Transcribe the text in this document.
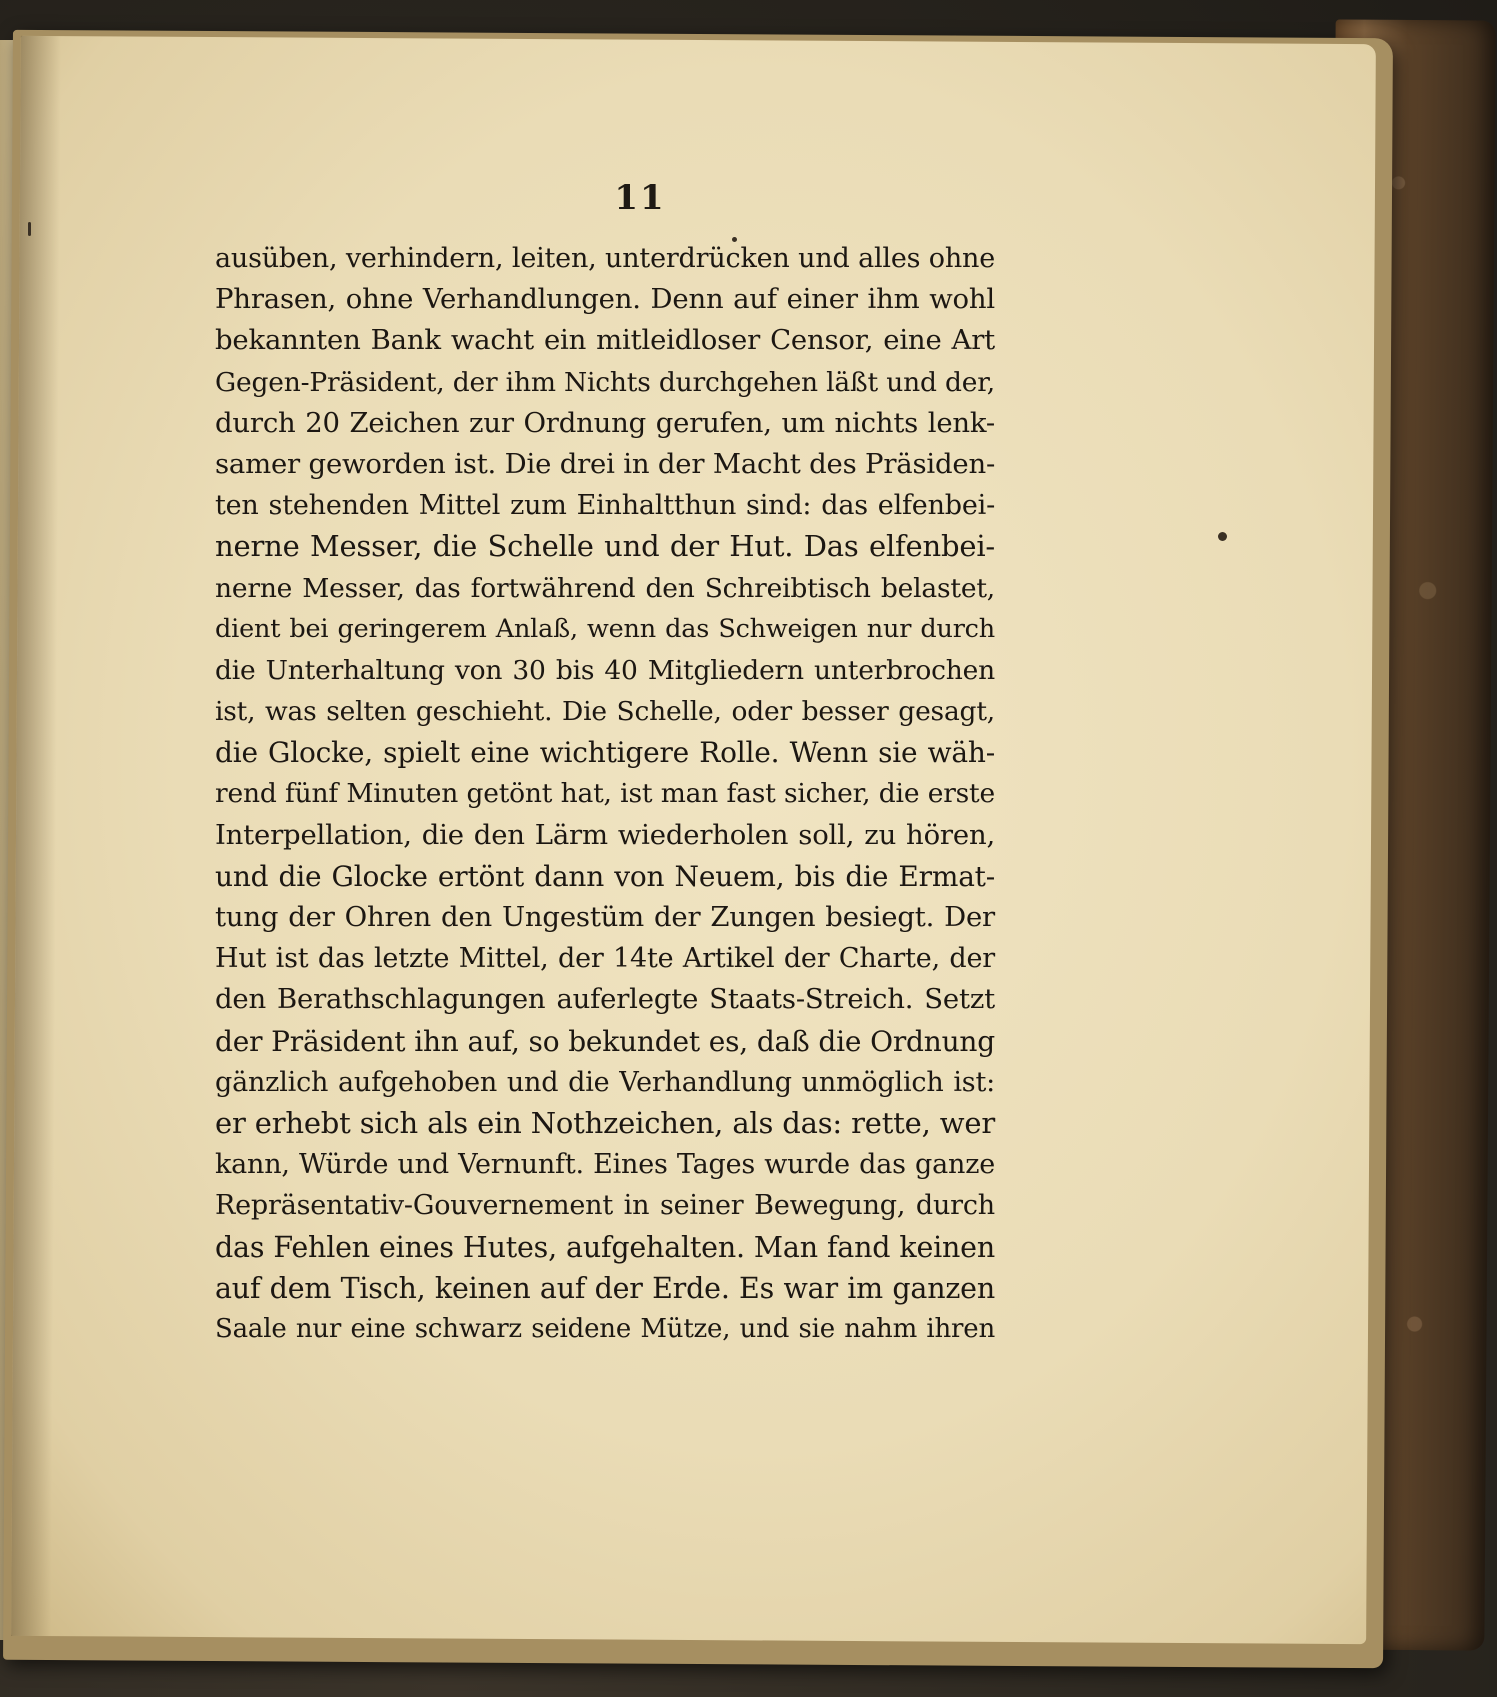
11
ausüben, verhindern, leiten, unterdrücken und alles ohne
Phrasen, ohne Verhandlungen. Denn auf einer ihm wohl
bekannten Bank wacht ein mitleidloser Censor, eine Art
Gegen-Präsident, der ihm Nichts durchgehen läßt und der,
durch 20 Zeichen zur Ordnung gerufen, um nichts lenk-
samer geworden ist. Die drei in der Macht des Präsiden-
ten stehenden Mittel zum Einhaltthun sind: das elfenbei-
nerne Messer, die Schelle und der Hut. Das elfenbei-
nerne Messer, das fortwährend den Schreibtisch belastet,
dient bei geringerem Anlaß, wenn das Schweigen nur durch
die Unterhaltung von 30 bis 40 Mitgliedern unterbrochen
ist, was selten geschieht. Die Schelle, oder besser gesagt,
die Glocke, spielt eine wichtigere Rolle. Wenn sie wäh-
rend fünf Minuten getönt hat, ist man fast sicher, die erste
Interpellation, die den Lärm wiederholen soll, zu hören,
und die Glocke ertönt dann von Neuem, bis die Ermat-
tung der Ohren den Ungestüm der Zungen besiegt. Der
Hut ist das letzte Mittel, der 14te Artikel der Charte, der
den Berathschlagungen auferlegte Staats-Streich. Setzt
der Präsident ihn auf, so bekundet es, daß die Ordnung
gänzlich aufgehoben und die Verhandlung unmöglich ist:
er erhebt sich als ein Nothzeichen, als das: rette, wer
kann, Würde und Vernunft. Eines Tages wurde das ganze
Repräsentativ-Gouvernement in seiner Bewegung, durch
das Fehlen eines Hutes, aufgehalten. Man fand keinen
auf dem Tisch, keinen auf der Erde. Es war im ganzen
Saale nur eine schwarz seidene Mütze, und sie nahm ihren
